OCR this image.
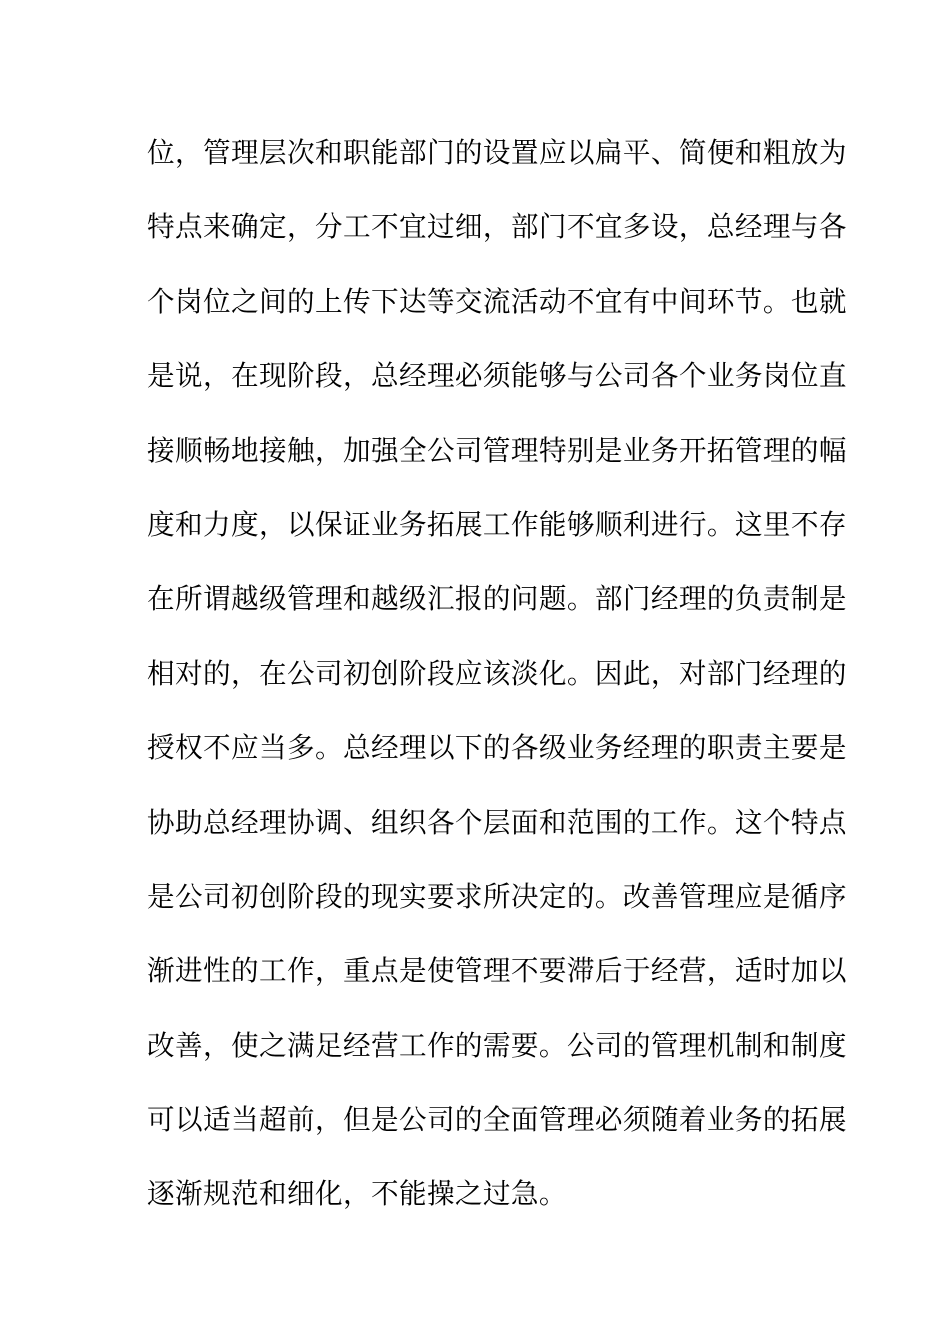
位，管理层次和职能部门的设置应以扁平、简便和粗放为
特点来确定，分工不宜过细，部门不宜多设，总经理与各
个岗位之间的上传下达等交流活动不宜有中间环节。也就
是说，在现阶段，总经理必须能够与公司各个业务岗位直
接顺畅地接触，加强全公司管理特别是业务开拓管理的幅
度和力度，以保证业务拓展工作能够顺利进行。这里不存
在所谓越级管理和越级汇报的问题。部门经理的负责制是
相对的，在公司初创阶段应该淡化。因此，对部门经理的
授权不应当多。总经理以下的各级业务经理的职责主要是
协助总经理协调、组织各个层面和范围的工作。这个特点
是公司初创阶段的现实要求所决定的。改善管理应是循序
渐进性的工作，重点是使管理不要滞后于经营，适时加以
改善，使之满足经营工作的需要。公司的管理机制和制度
可以适当超前，但是公司的全面管理必须随着业务的拓展
逐渐规范和细化，不能操之过急。
